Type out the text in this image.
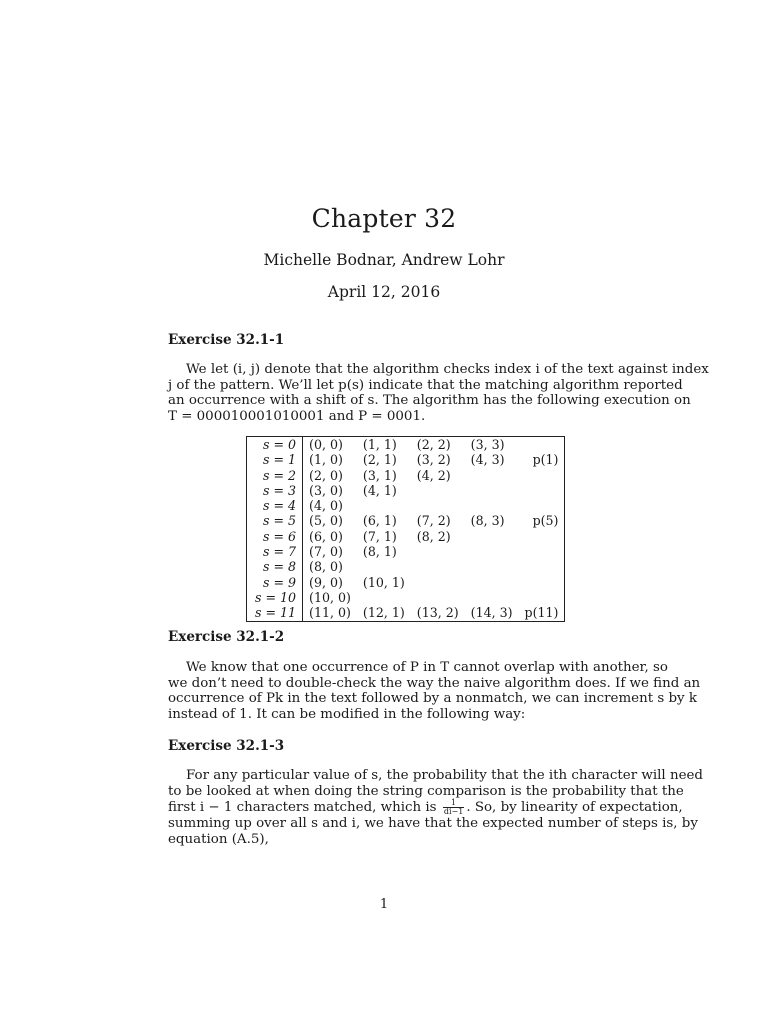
Chapter 32
Michelle Bodnar, Andrew Lohr
April 12, 2016
Exercise 32.1-1
We let (i, j) denote that the algorithm checks index i of the text against index
j of the pattern. We’ll let p(s) indicate that the matching algorithm reported
an occurrence with a shift of s. The algorithm has the following execution on
T = 000010001010001 and P = 0001.
s = 0	(0, 0)	(1, 1)	(2, 2)	(3, 3)	
s = 1	(1, 0)	(2, 1)	(3, 2)	(4, 3)	p(1)
s = 2	(2, 0)	(3, 1)	(4, 2)		
s = 3	(3, 0)	(4, 1)			
s = 4	(4, 0)				
s = 5	(5, 0)	(6, 1)	(7, 2)	(8, 3)	p(5)
s = 6	(6, 0)	(7, 1)	(8, 2)		
s = 7	(7, 0)	(8, 1)			
s = 8	(8, 0)				
s = 9	(9, 0)	(10, 1)			
s = 10	(10, 0)				
s = 11	(11, 0)	(12, 1)	(13, 2)	(14, 3)	p(11)
Exercise 32.1-2
We know that one occurrence of P in T cannot overlap with another, so
we don’t need to double-check the way the naive algorithm does. If we find an
occurrence of Pk in the text followed by a nonmatch, we can increment s by k
instead of 1. It can be modified in the following way:
Exercise 32.1-3
For any particular value of s, the probability that the ith character will need
to be looked at when doing the string comparison is the probability that the
first i − 1 characters matched, which is $\frac{1}{di-1}$ . So, by linearity of expectation,
summing up over all s and i, we have that the expected number of steps is, by
equation (A.5),
1
